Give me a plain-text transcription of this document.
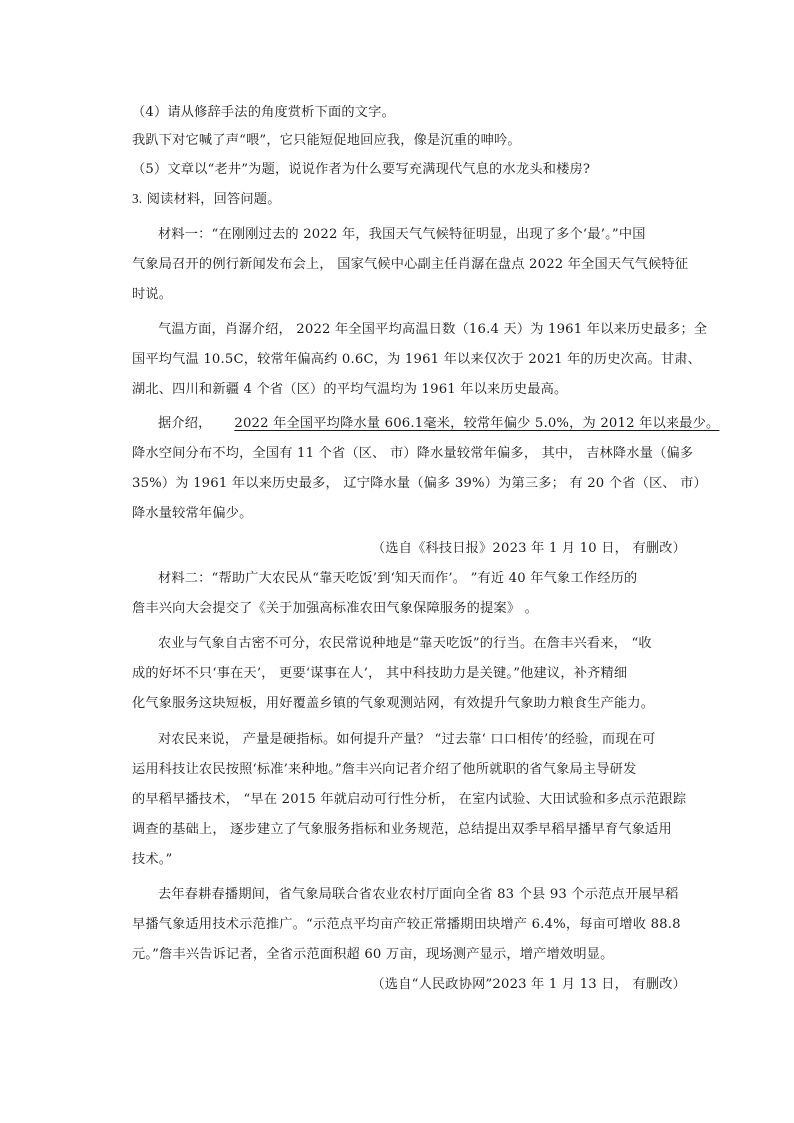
（4）请从修辞手法的角度赏析下面的文字。
我趴下对它喊了声“喂”，它只能短促地回应我，像是沉重的呻吟。
（5）文章以“老井”为题，说说作者为什么要写充满现代气息的水龙头和楼房?
3. 阅读材料，回答问题。
材料一：“在刚刚过去的 2022 年，我国天气气候特征明显，出现了多个‘最’。”中国
气象局召开的例行新闻发布会上， 国家气候中心副主任肖潺在盘点 2022 年全国天气气候特征
时说。
气温方面，肖潺介绍， 2022 年全国平均高温日数（16.4 天）为 1961 年以来历史最多；全
国平均气温 10.5C，较常年偏高约 0.6C，为 1961 年以来仅次于 2021 年的历史次高。甘肃、
湖北、四川和新疆 4 个省（区）的平均气温均为 1961 年以来历史最高。
据介绍， 2022 年全国平均降水量 606.1毫米，较常年偏少 5.0%，为 2012 年以来最少。
降水空间分布不均，全国有 11 个省（区、 市）降水量较常年偏多， 其中， 吉林降水量（偏多
35%）为 1961 年以来历史最多， 辽宁降水量（偏多 39%）为第三多； 有 20 个省（区、 市）
降水量较常年偏少。
（选自《科技日报》2023 年 1 月 10 日， 有删改）
材料二：“帮助广大农民从“靠天吃饭’到‘知天而作’。 ”有近 40 年气象工作经历的
詹丰兴向大会提交了《关于加强高标准农田气象保障服务的提案》 。
农业与气象自古密不可分，农民常说种地是“靠天吃饭”的行当。在詹丰兴看来， “收
成的好坏不只‘事在天’， 更要‘谋事在人’， 其中科技助力是关键。”他建议，补齐精细
化气象服务这块短板，用好覆盖乡镇的气象观测站网，有效提升气象助力粮食生产能力。
对农民来说， 产量是硬指标。如何提升产量？ “过去靠‘ 口口相传’的经验，而现在可
运用科技让农民按照‘标准’来种地。”詹丰兴向记者介绍了他所就职的省气象局主导研发
的早稻早播技术， “早在 2015 年就启动可行性分析， 在室内试验、大田试验和多点示范跟踪
调查的基础上， 逐步建立了气象服务指标和业务规范，总结提出双季早稻早播早育气象适用
技术。”
去年春耕春播期间，省气象局联合省农业农村厅面向全省 83 个县 93 个示范点开展早稻
早播气象适用技术示范推广。“示范点平均亩产较正常播期田块增产 6.4%，每亩可增收 88.8
元。”詹丰兴告诉记者，全省示范面积超 60 万亩，现场测产显示，增产增效明显。
（选自“人民政协网”2023 年 1 月 13 日， 有删改）
